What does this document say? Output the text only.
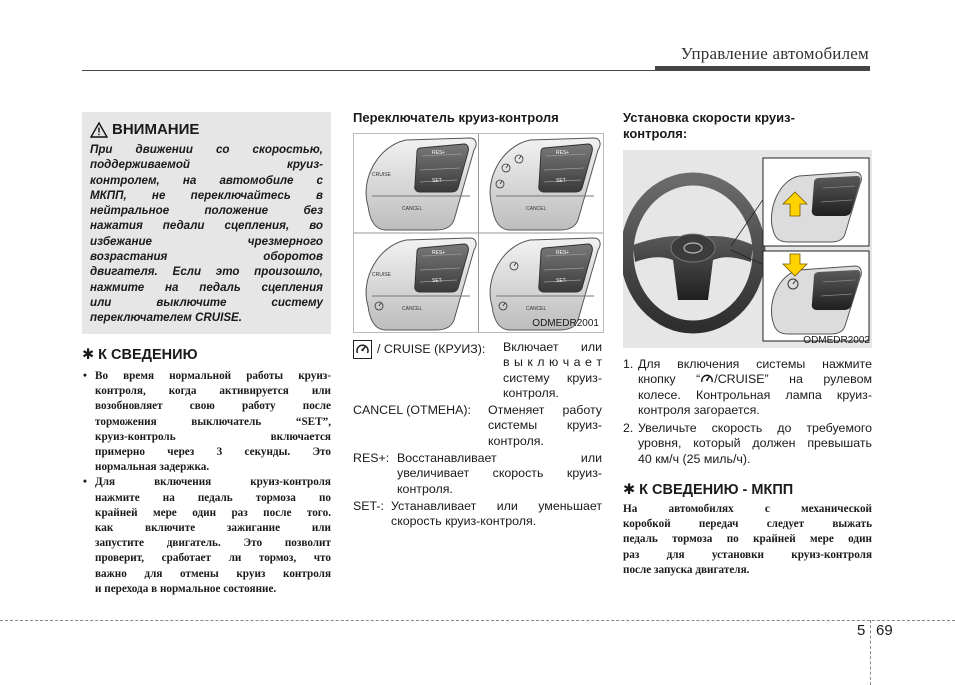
Управление автомобилем
ВНИМАНИЕ
При движении со скоростью,
поддерживаемой круиз-
контролем, на автомобиле с
МКПП, не переключайтесь в
нейтральное положение без
нажатия педали сцепления, во
избежание чрезмерного
возрастания оборотов
двигателя. Если это произошло,
нажмите на педаль сцепления
или выключите систему
переключателем CRUISE.
✱ К СВЕДЕНИЮ
• Во время нормальной работы круиз-
контроля, когда активируется или
возобновляет свою работу после
торможения выключатель “SET”,
круиз-контроль включается
примерно через 3 секунды. Это
нормальная задержка.
• Для включения круиз-контроля
нажмите на педаль тормоза по
крайней мере один раз после того.
как включите зажигание или
запустите двигатель. Это позволит
проверит, сработает ли тормоз, что
важно для отмены круиз контроля
и перехода в нормальное состояние.
Переключатель круиз-контроля
RES+
SET-
CRUISE
CANCEL
RES+
SET-
CANCEL
RES+
SET-
CRUISE
CANCEL
RES+
SET-
CANCEL
ODMEDR2001
/ CRUISE (КРУИЗ): Включает или
в ы к л ю ч а е т
систему круиз-
контроля.
CANCEL (ОТМЕНА): Отменяет работу
системы круиз-
контроля.
RES+: Восстанавливает или
увеличивает скорость круиз-
контроля.
SET-: Устанавливает или уменьшает
скорость круиз-контроля.
Установка скорости круиз-
контроля:
ODMEDR2002
1. Для включения системы нажмите
кнопку “ /CRUISE” на рулевом
колесе. Контрольная лампа круиз-
контроля загорается.
2. Увеличьте скорость до требуемого
уровня, который должен превышать
40 км/ч (25 миль/ч).
✱ К СВЕДЕНИЮ - МКПП
На автомобилях с механической
коробкой передач следует выжать
педаль тормоза по крайней мере один
раз для установки круиз-контроля
после запуска двигателя.
5 69
